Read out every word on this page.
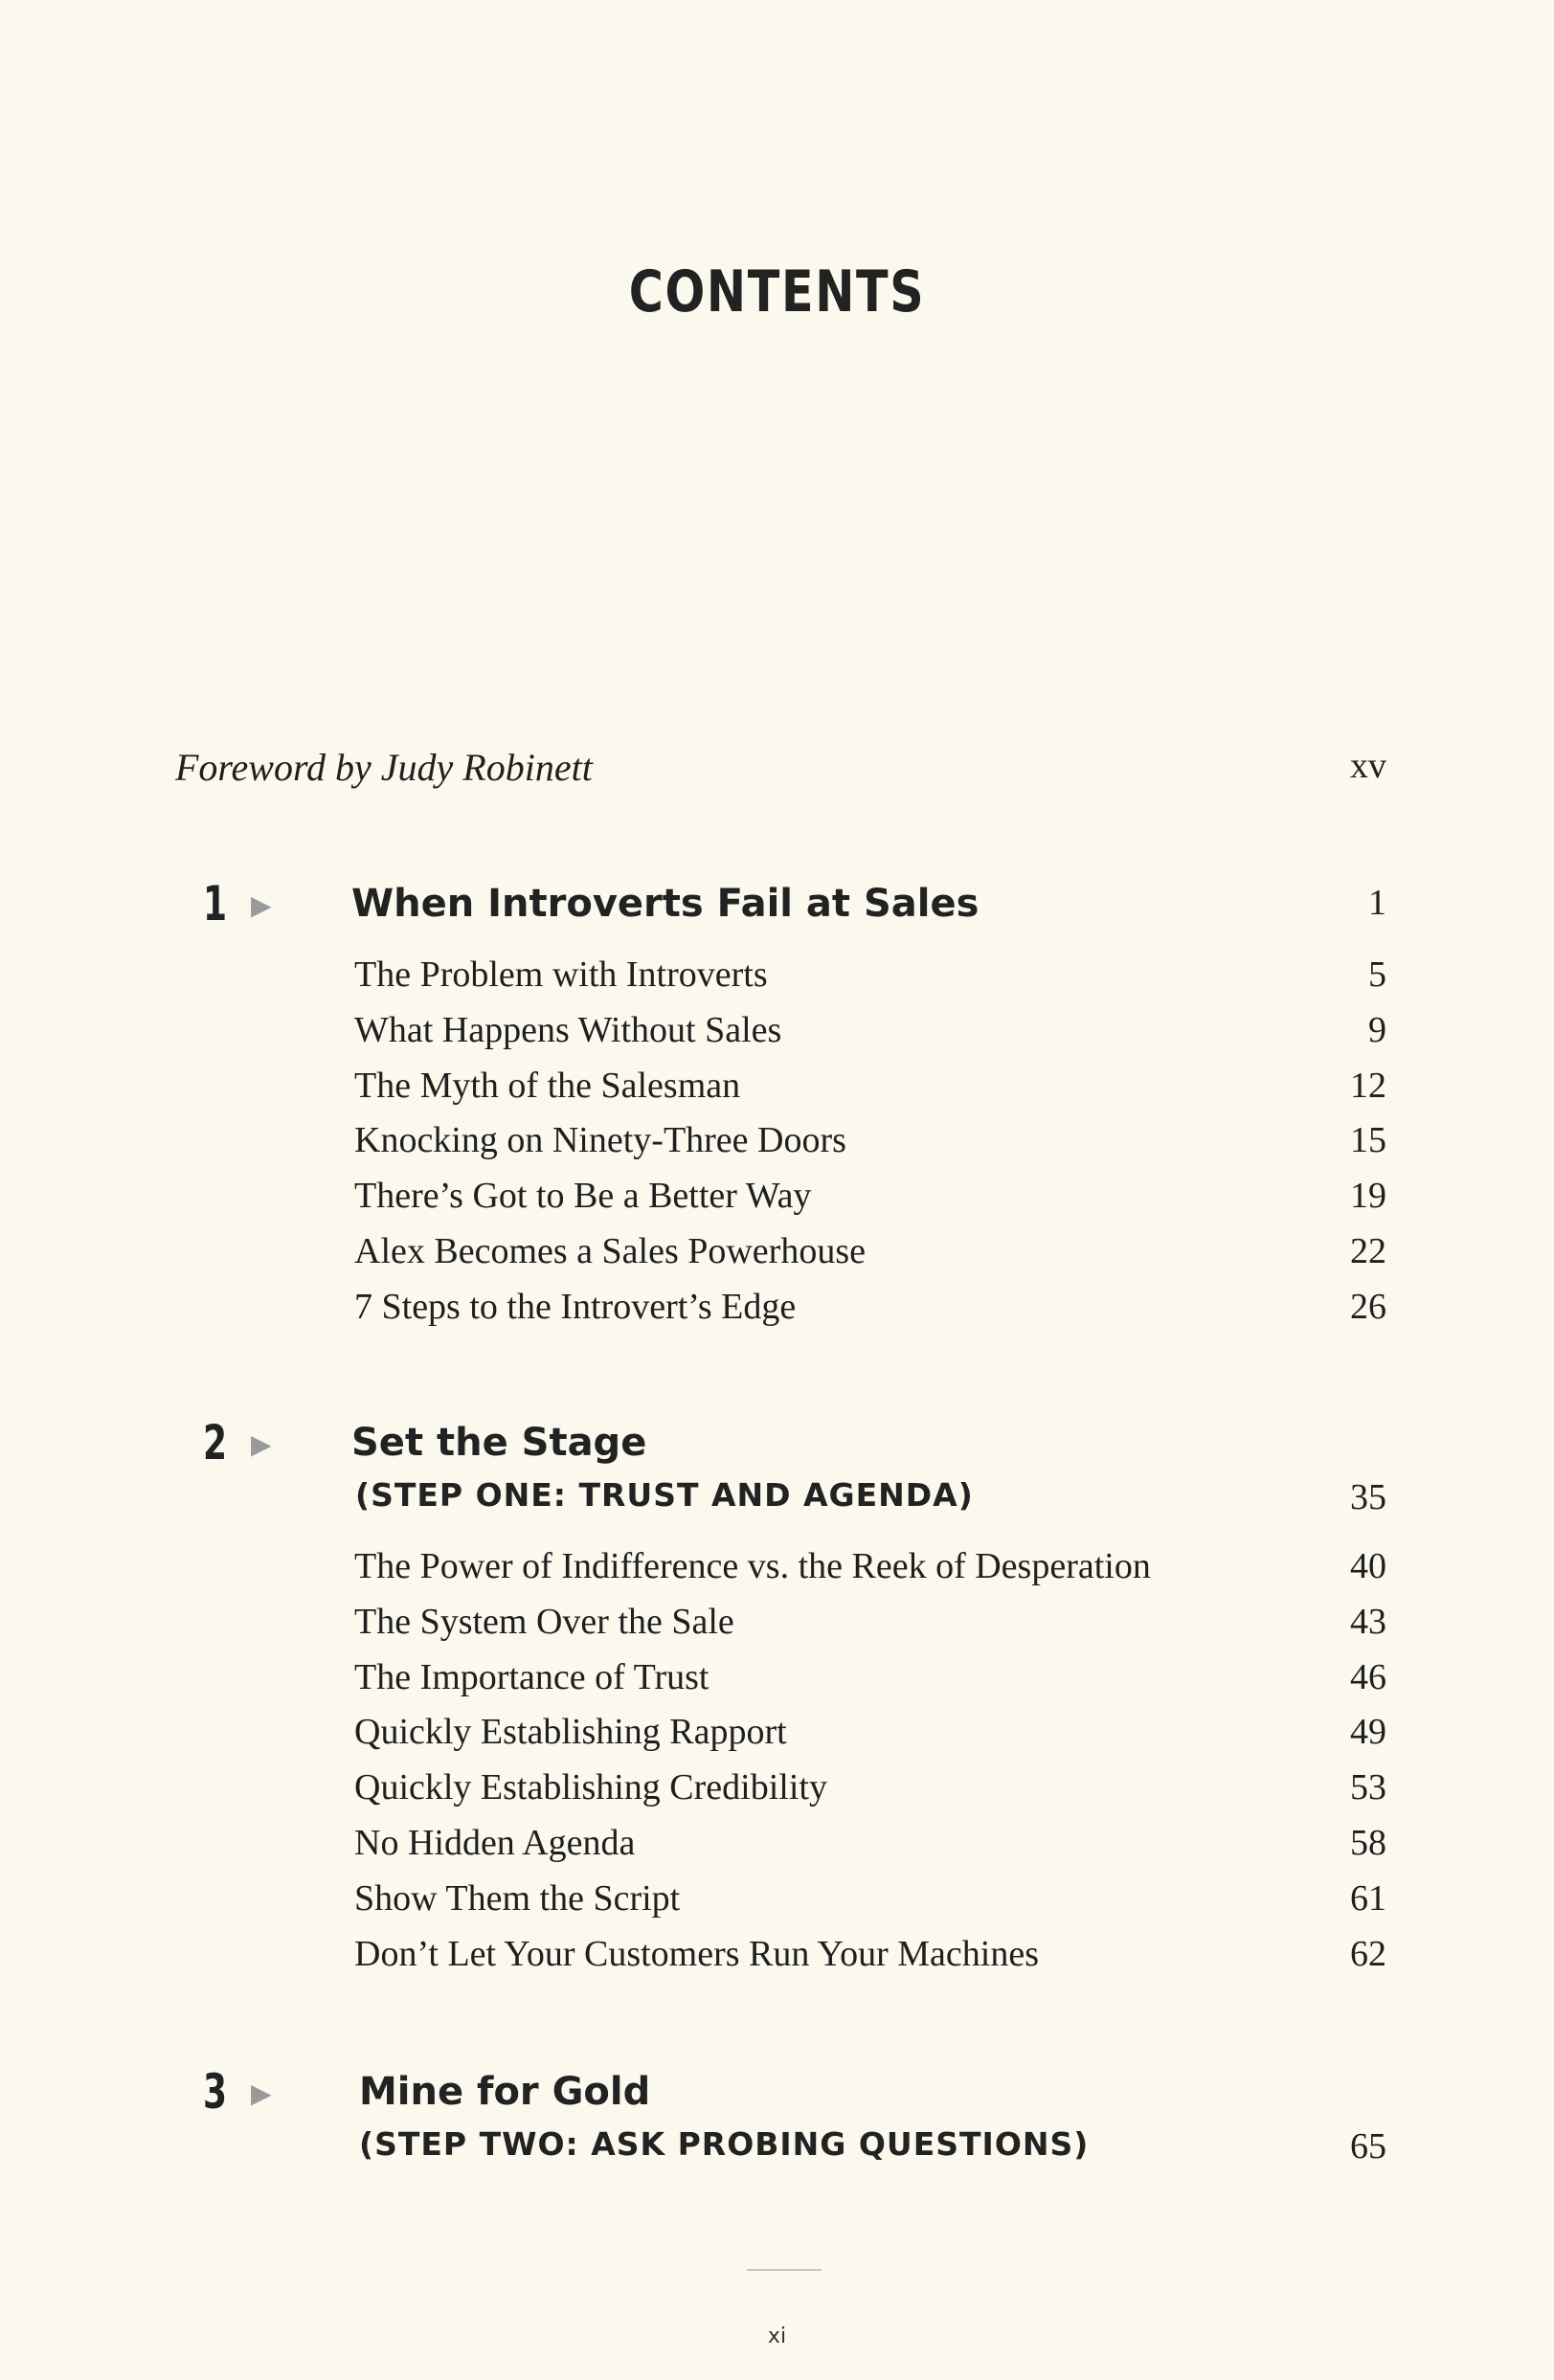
CONTENTS
Foreword by Judy Robinett	xv
1 ▶ When Introverts Fail at Sales	1
The Problem with Introverts	5
What Happens Without Sales	9
The Myth of the Salesman	12
Knocking on Ninety-Three Doors	15
There’s Got to Be a Better Way	19
Alex Becomes a Sales Powerhouse	22
7 Steps to the Introvert’s Edge	26
2 ▶ Set the Stage
(STEP ONE: TRUST AND AGENDA)	35
The Power of Indifference vs. the Reek of Desperation	40
The System Over the Sale	43
The Importance of Trust	46
Quickly Establishing Rapport	49
Quickly Establishing Credibility	53
No Hidden Agenda	58
Show Them the Script	61
Don’t Let Your Customers Run Your Machines	62
3 ▶ Mine for Gold
(STEP TWO: ASK PROBING QUESTIONS)	65
xi
